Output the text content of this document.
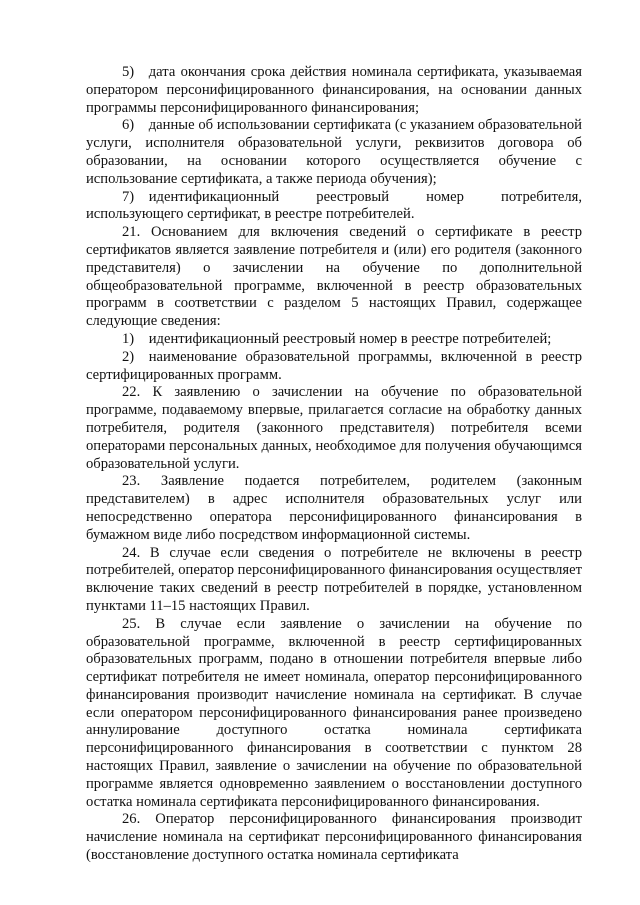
5) дата окончания срока действия номинала сертификата, указываемая оператором персонифицированного финансирования, на основании данных программы персонифицированного финансирования;

6) данные об использовании сертификата (с указанием образовательной услуги, исполнителя образовательной услуги, реквизитов договора об образовании, на основании которого осуществляется обучение с использование сертификата, а также периода обучения);

7) идентификационный реестровый номер потребителя, использующего сертификат, в реестре потребителей.

21. Основанием для включения сведений о сертификате в реестр сертификатов является заявление потребителя и (или) его родителя (законного представителя) о зачислении на обучение по дополнительной общеобразовательной программе, включенной в реестр образовательных программ в соответствии с разделом 5 настоящих Правил, содержащее следующие сведения:

1) идентификационный реестровый номер в реестре потребителей;

2) наименование образовательной программы, включенной в реестр сертифицированных программ.

22. К заявлению о зачислении на обучение по образовательной программе, подаваемому впервые, прилагается согласие на обработку данных потребителя, родителя (законного представителя) потребителя всеми операторами персональных данных, необходимое для получения обучающимся образовательной услуги.

23. Заявление подается потребителем, родителем (законным представителем) в адрес исполнителя образовательных услуг или непосредственно оператора персонифицированного финансирования в бумажном виде либо посредством информационной системы.

24. В случае если сведения о потребителе не включены в реестр потребителей, оператор персонифицированного финансирования осуществляет включение таких сведений в реестр потребителей в порядке, установленном пунктами 11–15 настоящих Правил.

25. В случае если заявление о зачислении на обучение по образовательной программе, включенной в реестр сертифицированных образовательных программ, подано в отношении потребителя впервые либо сертификат потребителя не имеет номинала, оператор персонифицированного финансирования производит начисление номинала на сертификат. В случае если оператором персонифицированного финансирования ранее произведено аннулирование доступного остатка номинала сертификата персонифицированного финансирования в соответствии с пунктом 28 настоящих Правил, заявление о зачислении на обучение по образовательной программе является одновременно заявлением о восстановлении доступного остатка номинала сертификата персонифицированного финансирования.

26. Оператор персонифицированного финансирования производит начисление номинала на сертификат персонифицированного финансирования (восстановление доступного остатка номинала сертификата
